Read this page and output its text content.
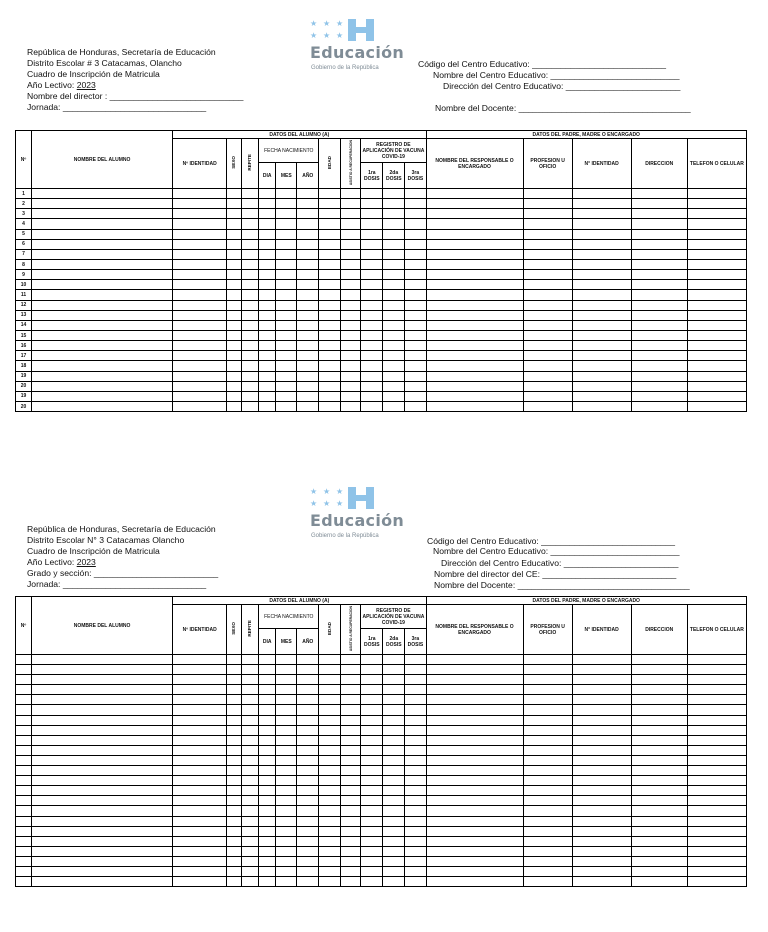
★ ★ ★
★ ★ ★
Educación
Gobierno de la República
República de Honduras, Secretaría de Educación
Distrito Escolar # 3 Catacamas, Olancho
Cuadro de Inscripción de Matricula
Año Lectivo: 2023
Nombre del director : ____________________________
Jornada: ______________________________
Código del Centro Educativo: ____________________________
Nombre del Centro Educativo: ___________________________
Dirección del Centro Educativo: ________________________
Nombre del Docente: ____________________________________
Nº	NOMBRE DEL ALUMNO	DATOS DEL ALUMNO (A)											DATOS DEL PADRE, MADRE O ENCARGADO				
		Nº IDENTIDAD	SEXO	REPITE	FECHA NACIMIENTO			EDAD	ASISTIO A RECUPERACION	REGISTRO DE APLICACIÓN DE VACUNA COVID-19			NOMBRE DEL RESPONSABLE O ENCARGADO	PROFESION U OFICIO	N° IDENTIDAD	DIRECCION	TELEFON O CELULAR
					DIA	MES	AÑO			1ra DOSIS	2da DOSIS	3ra DOSIS					
1																	
2																	
3																	
4																	
5																	
6																	
7																	
8																	
9																	
10																	
11																	
12																	
13																	
14																	
15																	
16																	
17																	
18																	
19																	
20																	
19																	
20																	
★ ★ ★
★ ★ ★
Educación
Gobierno de la República
República de Honduras, Secretaría de Educación
Distrito Escolar N° 3 Catacamas Olancho
Cuadro de Inscripción de Matricula
Año Lectivo: 2023
Grado y sección: __________________________
Jornada: ______________________________
Código del Centro Educativo: ____________________________
Nombre del Centro Educativo: ___________________________
Dirección del Centro Educativo: ________________________
Nombre del director del CE: ____________________________
Nombre del Docente: ____________________________________
Nº	NOMBRE DEL ALUMNO	DATOS DEL ALUMNO (A)											DATOS DEL PADRE, MADRE O ENCARGADO				
		Nº IDENTIDAD	SEXO	REPITE	FECHA NACIMIENTO			EDAD	ASISTIO A RECUPERACION	REGISTRO DE APLICACIÓN DE VACUNA COVID-19			NOMBRE DEL RESPONSABLE O ENCARGADO	PROFESION U OFICIO	N° IDENTIDAD	DIRECCION	TELEFON O CELULAR
					DIA	MES	AÑO			1ra DOSIS	2da DOSIS	3ra DOSIS					
